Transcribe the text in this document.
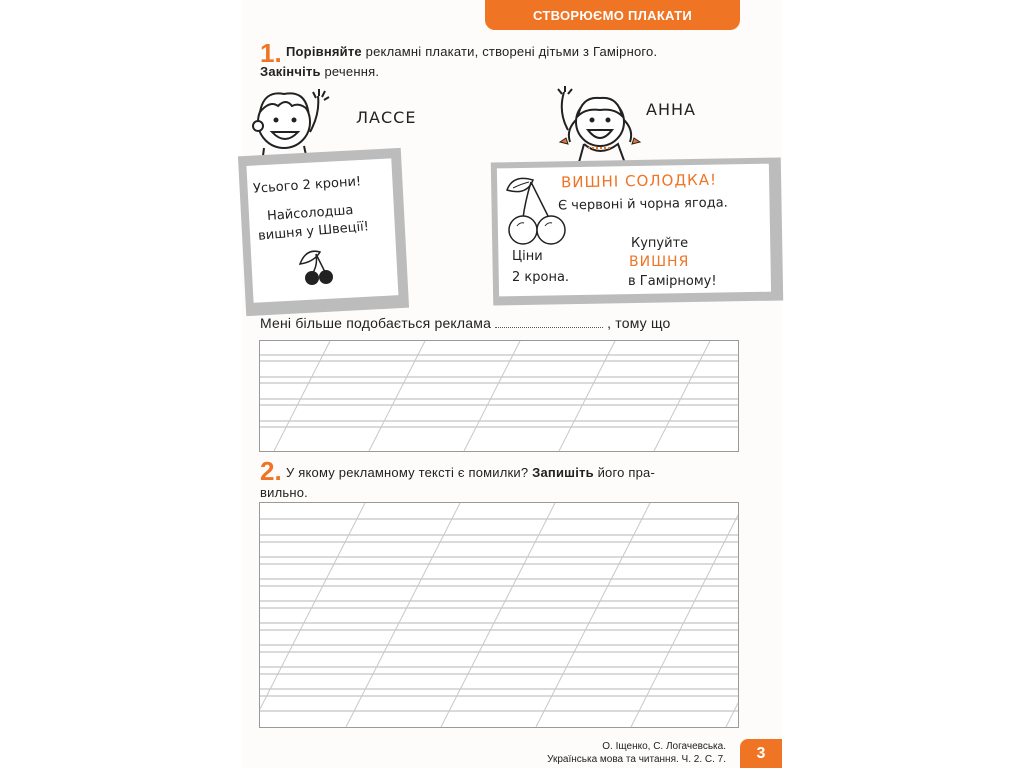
СТВОРЮЄМО ПЛАКАТИ
1. Порівняйте рекламні плакати, створені дітьми з Гамірного.
Закінчіть речення.
ЛАССЕ	АННА
Усього 2 крони!
Найсолодша
вишня у Швеції!
ВИШНІ СОЛОДКА!
Є червоні й чорна ягода.
Купуйте
ВИШНЯ
в Гамірному!
Ціни
2 крона.
Мені більше подобається реклама	, тому що
2. У якому рекламному тексті є помилки? Запишіть його пра-
вильно.
О. Іщенко, С. Логачевська.
Українська мова та читання. Ч. 2. С. 7.	3
